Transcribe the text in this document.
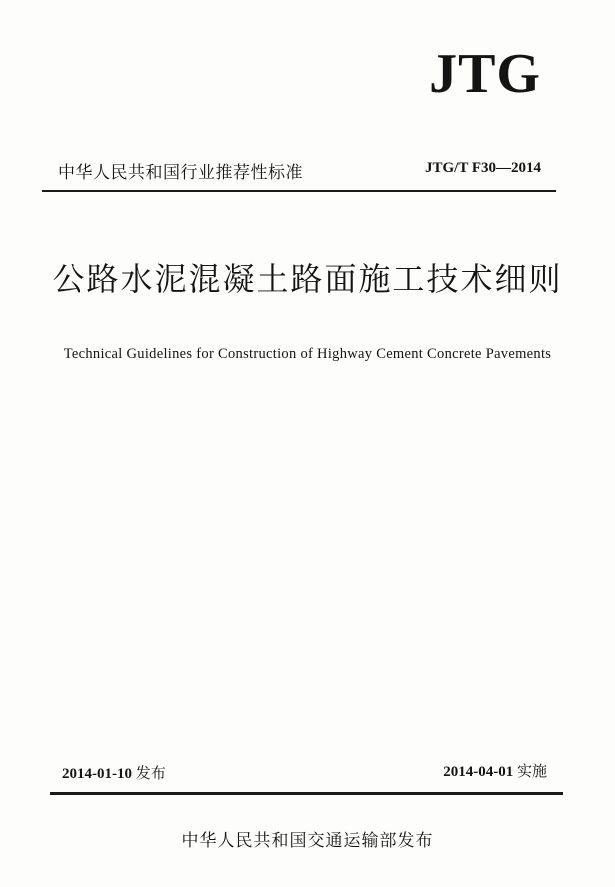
JTG
中华人民共和国行业推荐性标准	JTG/T F30—2014
公路水泥混凝土路面施工技术细则
Technical Guidelines for Construction of Highway Cement Concrete Pavements
2014-01-10 发布	2014-04-01 实施
中华人民共和国交通运输部发布
